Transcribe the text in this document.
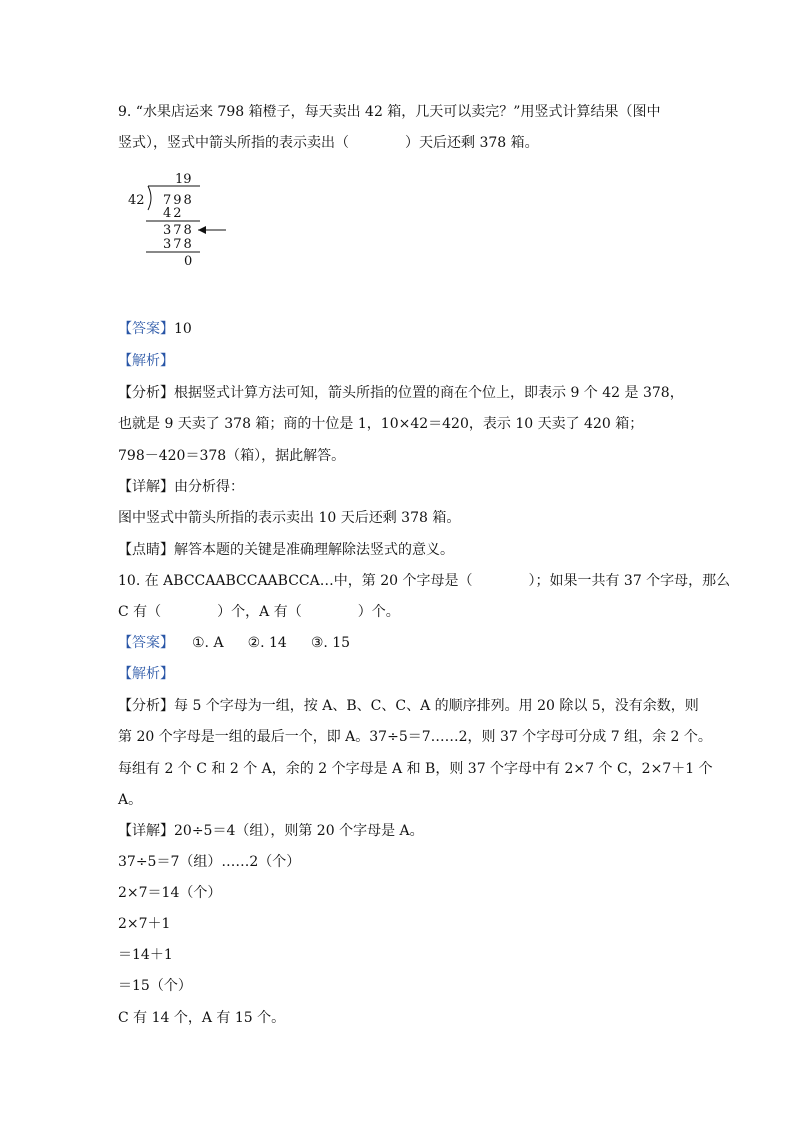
9. “水果店运来 798 箱橙子，每天卖出 42 箱，几天可以卖完？”用竖式计算结果（图中
竖式），竖式中箭头所指的表示卖出（　　　　）天后还剩 378 箱。
19
42 798
42
378
378
0
【答案】10
【解析】
【分析】根据竖式计算方法可知，箭头所指的位置的商在个位上，即表示 9 个 42 是 378，
也就是 9 天卖了 378 箱；商的十位是 1，10×42＝420，表示 10 天卖了 420 箱；
798－420＝378（箱），据此解答。
【详解】由分析得：
图中竖式中箭头所指的表示卖出 10 天后还剩 378 箱。
【点睛】解答本题的关键是准确理解除法竖式的意义。
10. 在 ABCCAABCCAABCCA…中，第 20 个字母是（　　　　）；如果一共有 37 个字母，那么
C 有（　　　　）个，A 有（　　　　）个。
【答案】 ①. A ②. 14 ③. 15
【解析】
【分析】每 5 个字母为一组，按 A、B、C、C、A 的顺序排列。用 20 除以 5，没有余数，则
第 20 个字母是一组的最后一个，即 A。37÷5＝7……2，则 37 个字母可分成 7 组，余 2 个。
每组有 2 个 C 和 2 个 A，余的 2 个字母是 A 和 B，则 37 个字母中有 2×7 个 C，2×7＋1 个
A。
【详解】20÷5＝4（组），则第 20 个字母是 A。
37÷5＝7（组）……2（个）
2×7＝14（个）
2×7＋1
＝14＋1
＝15（个）
C 有 14 个，A 有 15 个。
